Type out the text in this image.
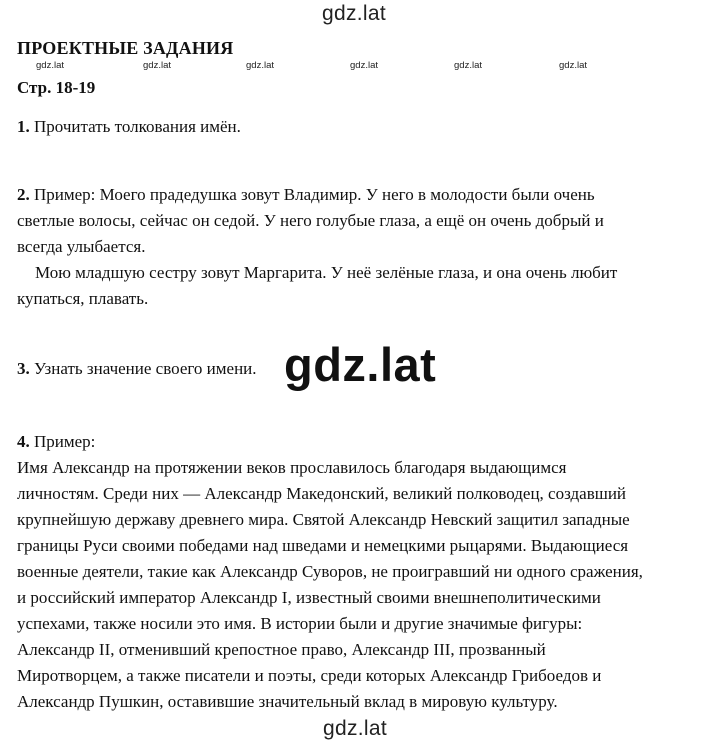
gdz.lat
ПРОЕКТНЫЕ ЗАДАНИЯ
gdz.lat	gdz.lat	gdz.lat	gdz.lat	gdz.lat	gdz.lat
Стр. 18-19
1. Прочитать толкования имён.
2. Пример: Моего прадедушка зовут Владимир. У него в молодости были очень
светлые волосы, сейчас он седой. У него голубые глаза, а ещё он очень добрый и
всегда улыбается.
Мою младшую сестру зовут Маргарита. У неё зелёные глаза, и она очень любит
купаться, плавать.
3. Узнать значение своего имени. gdz.lat
4. Пример:
Имя Александр на протяжении веков прославилось благодаря выдающимся
личностям. Среди них — Александр Македонский, великий полководец, создавший
крупнейшую державу древнего мира. Святой Александр Невский защитил западные
границы Руси своими победами над шведами и немецкими рыцарями. Выдающиеся
военные деятели, такие как Александр Суворов, не проигравший ни одного сражения,
и российский император Александр I, известный своими внешнеполитическими
успехами, также носили это имя. В истории были и другие значимые фигуры:
Александр II, отменивший крепостное право, Александр III, прозванный
Миротворцем, а также писатели и поэты, среди которых Александр Грибоедов и
Александр Пушкин, оставившие значительный вклад в мировую культуру.
gdz.lat
